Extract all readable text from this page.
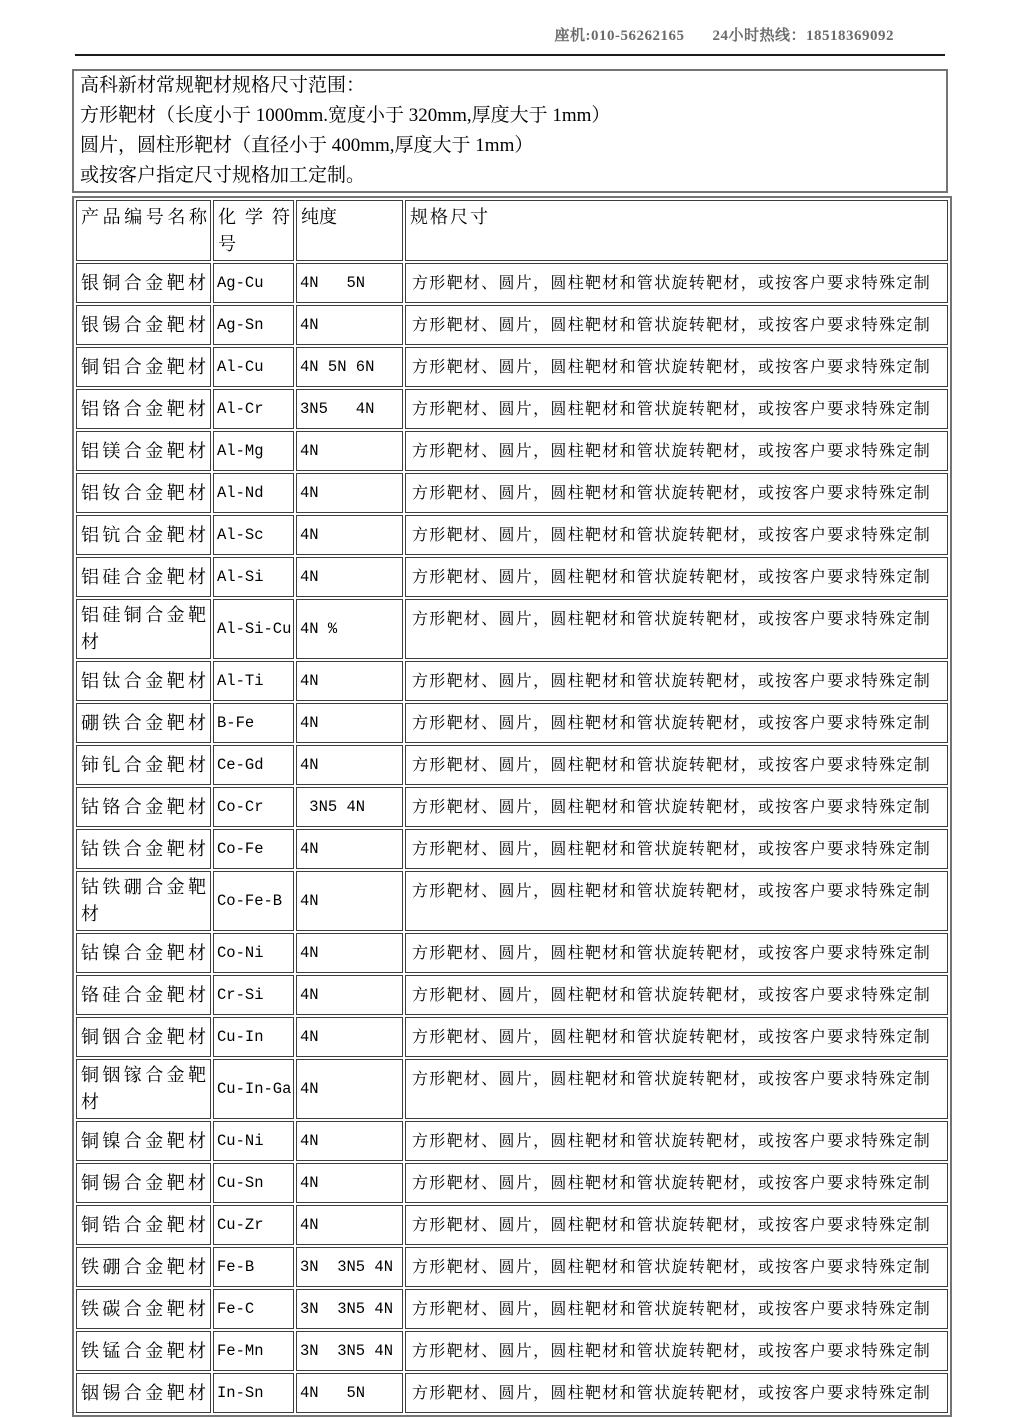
座机:010-56262165 24小时热线：18518369092

高科新材常规靶材规格尺寸范围：

方形靶材（长度小于 1000mm.宽度小于 320mm,厚度大于 1mm）

圆片，圆柱形靶材（直径小于 400mm,厚度大于 1mm）

或按客户指定尺寸规格加工定制。

产品编号名称	化 学 符号	纯度	规格尺寸
银铜合金靶材	Ag-Cu	4N   5N	方形靶材、圆片，圆柱靶材和管状旋转靶材，或按客户要求特殊定制
银锡合金靶材	Ag-Sn	4N	方形靶材、圆片，圆柱靶材和管状旋转靶材，或按客户要求特殊定制
铜铝合金靶材	Al-Cu	4N 5N 6N	方形靶材、圆片，圆柱靶材和管状旋转靶材，或按客户要求特殊定制
铝铬合金靶材	Al-Cr	3N5   4N	方形靶材、圆片，圆柱靶材和管状旋转靶材，或按客户要求特殊定制
铝镁合金靶材	Al-Mg	4N	方形靶材、圆片，圆柱靶材和管状旋转靶材，或按客户要求特殊定制
铝钕合金靶材	Al-Nd	4N	方形靶材、圆片，圆柱靶材和管状旋转靶材，或按客户要求特殊定制
铝钪合金靶材	Al-Sc	4N	方形靶材、圆片，圆柱靶材和管状旋转靶材，或按客户要求特殊定制
铝硅合金靶材	Al-Si	4N	方形靶材、圆片，圆柱靶材和管状旋转靶材，或按客户要求特殊定制
铝硅铜合金靶材	Al-Si-Cu	4N %	方形靶材、圆片，圆柱靶材和管状旋转靶材，或按客户要求特殊定制
铝钛合金靶材	Al-Ti	4N	方形靶材、圆片，圆柱靶材和管状旋转靶材，或按客户要求特殊定制
硼铁合金靶材	B-Fe	4N	方形靶材、圆片，圆柱靶材和管状旋转靶材，或按客户要求特殊定制
铈钆合金靶材	Ce-Gd	4N	方形靶材、圆片，圆柱靶材和管状旋转靶材，或按客户要求特殊定制
钴铬合金靶材	Co-Cr	3N5 4N	方形靶材、圆片，圆柱靶材和管状旋转靶材，或按客户要求特殊定制
钴铁合金靶材	Co-Fe	4N	方形靶材、圆片，圆柱靶材和管状旋转靶材，或按客户要求特殊定制
钴铁硼合金靶材	Co-Fe-B	4N	方形靶材、圆片，圆柱靶材和管状旋转靶材，或按客户要求特殊定制
钴镍合金靶材	Co-Ni	4N	方形靶材、圆片，圆柱靶材和管状旋转靶材，或按客户要求特殊定制
铬硅合金靶材	Cr-Si	4N	方形靶材、圆片，圆柱靶材和管状旋转靶材，或按客户要求特殊定制
铜铟合金靶材	Cu-In	4N	方形靶材、圆片，圆柱靶材和管状旋转靶材，或按客户要求特殊定制
铜铟镓合金靶材	Cu-In-Ga	4N	方形靶材、圆片，圆柱靶材和管状旋转靶材，或按客户要求特殊定制
铜镍合金靶材	Cu-Ni	4N	方形靶材、圆片，圆柱靶材和管状旋转靶材，或按客户要求特殊定制
铜锡合金靶材	Cu-Sn	4N	方形靶材、圆片，圆柱靶材和管状旋转靶材，或按客户要求特殊定制
铜锆合金靶材	Cu-Zr	4N	方形靶材、圆片，圆柱靶材和管状旋转靶材，或按客户要求特殊定制
铁硼合金靶材	Fe-B	3N  3N5 4N	方形靶材、圆片，圆柱靶材和管状旋转靶材，或按客户要求特殊定制
铁碳合金靶材	Fe-C	3N  3N5 4N	方形靶材、圆片，圆柱靶材和管状旋转靶材，或按客户要求特殊定制
铁锰合金靶材	Fe-Mn	3N  3N5 4N	方形靶材、圆片，圆柱靶材和管状旋转靶材，或按客户要求特殊定制
铟锡合金靶材	In-Sn	4N   5N	方形靶材、圆片，圆柱靶材和管状旋转靶材，或按客户要求特殊定制
